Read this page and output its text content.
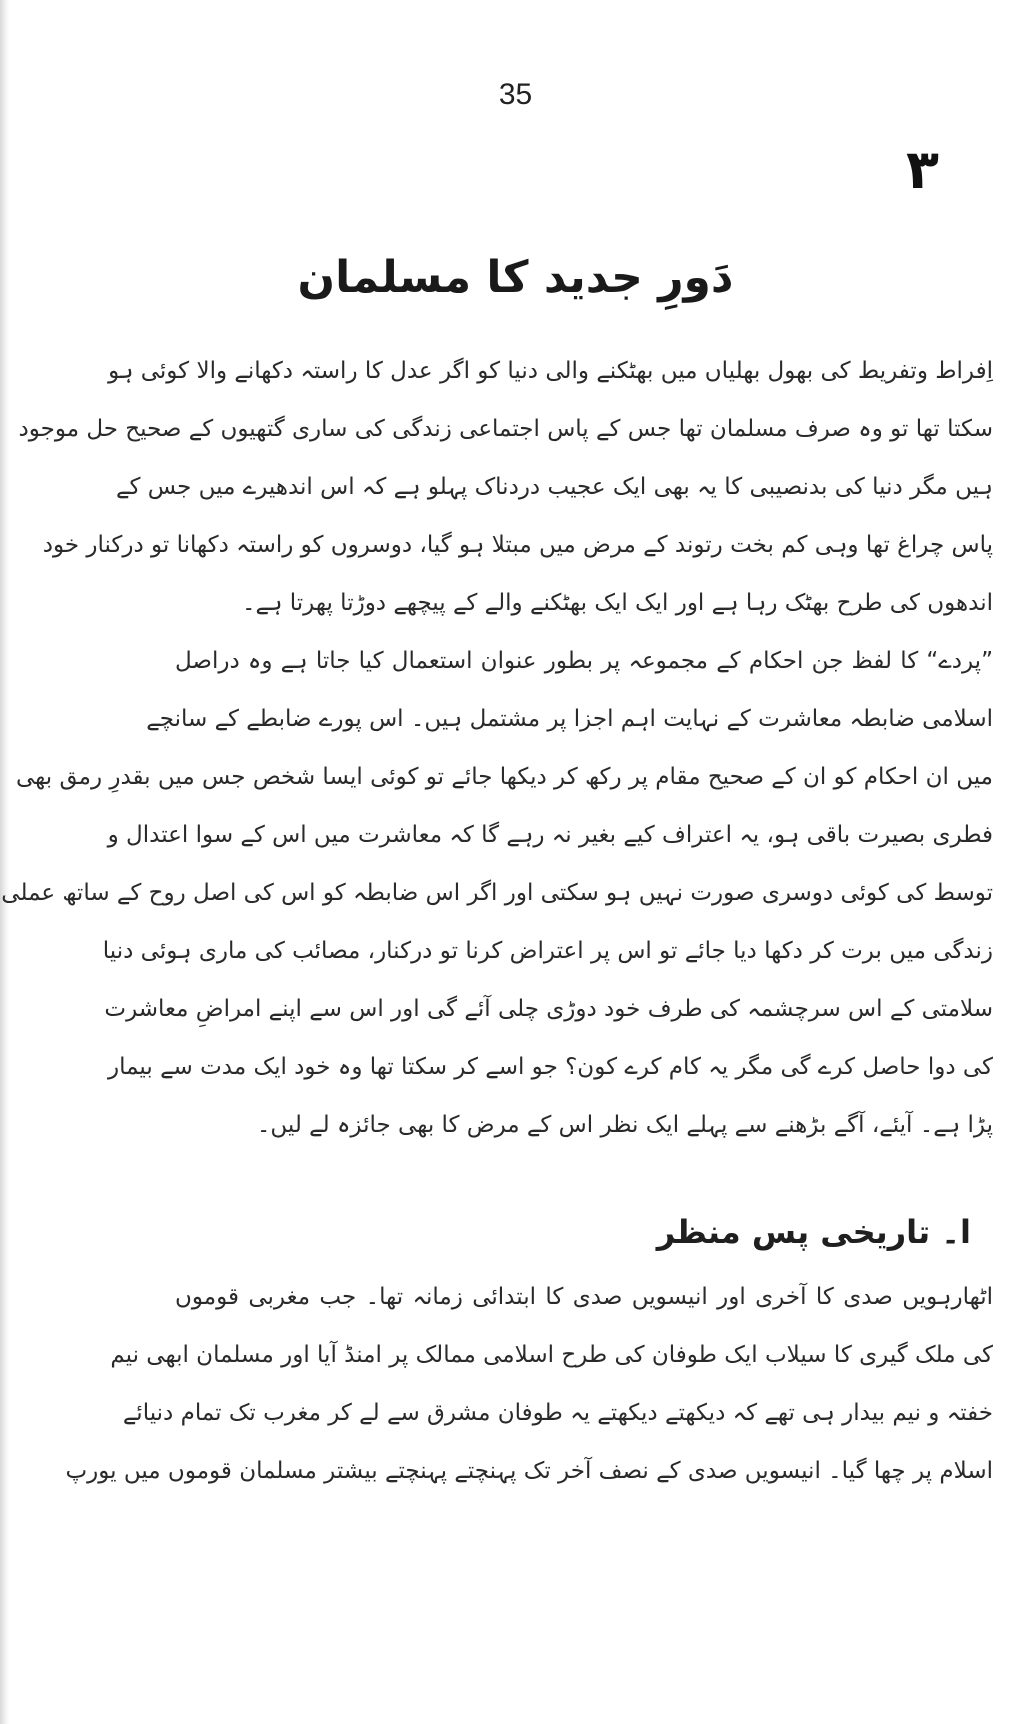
35
۳
دَورِ جدید کا مسلمان
اِفراط وتفریط کی بھول بھلیاں میں بھٹکنے والی دنیا کو اگر عدل کا راستہ دکھانے والا کوئی ہو
سکتا تھا تو وہ صرف مسلمان تھا جس کے پاس اجتماعی زندگی کی ساری گتھیوں کے صحیح حل موجود
ہیں مگر دنیا کی بدنصیبی کا یہ بھی ایک عجیب دردناک پہلو ہے کہ اس اندھیرے میں جس کے
پاس چراغ تھا وہی کم بخت رتوند کے مرض میں مبتلا ہو گیا، دوسروں کو راستہ دکھانا تو درکنار خود
اندھوں کی طرح بھٹک رہا ہے اور ایک ایک بھٹکنے والے کے پیچھے دوڑتا پھرتا ہے۔
”پردے“ کا لفظ جن احکام کے مجموعہ پر بطور عنوان استعمال کیا جاتا ہے وہ دراصل
اسلامی ضابطہ معاشرت کے نہایت اہم اجزا پر مشتمل ہیں۔ اس پورے ضابطے کے سانچے
میں ان احکام کو ان کے صحیح مقام پر رکھ کر دیکھا جائے تو کوئی ایسا شخص جس میں بقدرِ رمق بھی
فطری بصیرت باقی ہو، یہ اعتراف کیے بغیر نہ رہے گا کہ معاشرت میں اس کے سوا اعتدال و
توسط کی کوئی دوسری صورت نہیں ہو سکتی اور اگر اس ضابطہ کو اس کی اصل روح کے ساتھ عملی
زندگی میں برت کر دکھا دیا جائے تو اس پر اعتراض کرنا تو درکنار، مصائب کی ماری ہوئی دنیا
سلامتی کے اس سرچشمہ کی طرف خود دوڑی چلی آئے گی اور اس سے اپنے امراضِ معاشرت
کی دوا حاصل کرے گی مگر یہ کام کرے کون؟ جو اسے کر سکتا تھا وہ خود ایک مدت سے بیمار
پڑا ہے۔ آیئے، آگے بڑھنے سے پہلے ایک نظر اس کے مرض کا بھی جائزہ لے لیں۔
ا۔ تاریخی پس منظر
اٹھارہویں صدی کا آخری اور انیسویں صدی کا ابتدائی زمانہ تھا۔ جب مغربی قوموں
کی ملک گیری کا سیلاب ایک طوفان کی طرح اسلامی ممالک پر امنڈ آیا اور مسلمان ابھی نیم
خفتہ و نیم بیدار ہی تھے کہ دیکھتے دیکھتے یہ طوفان مشرق سے لے کر مغرب تک تمام دنیائے
اسلام پر چھا گیا۔ انیسویں صدی کے نصف آخر تک پہنچتے پہنچتے بیشتر مسلمان قوموں میں یورپ
